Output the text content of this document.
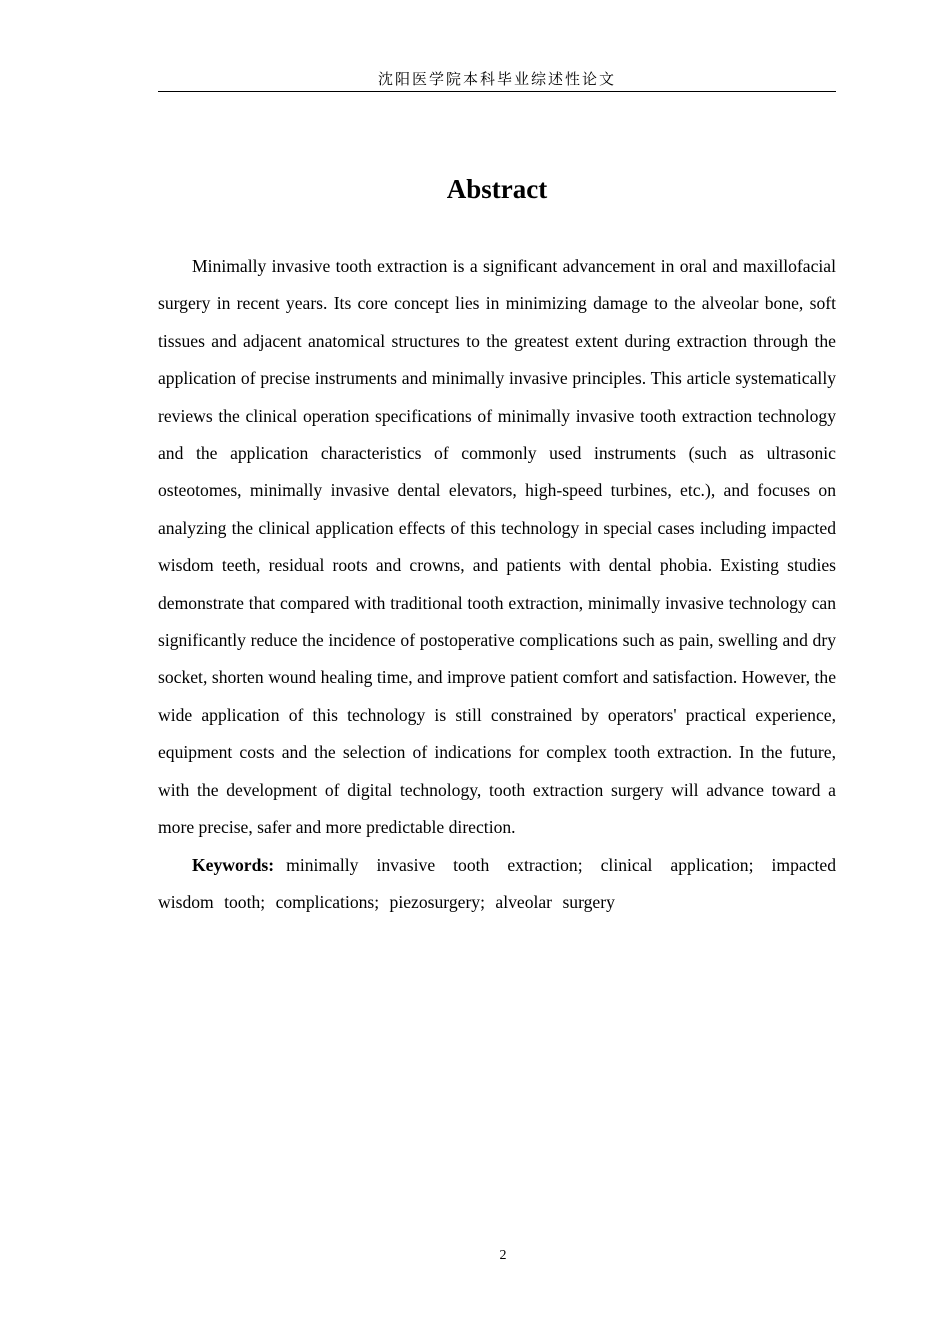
沈阳医学院本科毕业综述性论文
Abstract

Minimally invasive tooth extraction is a significant advancement in oral and maxillofacial surgery in recent years. Its core concept lies in minimizing damage to the alveolar bone, soft tissues and adjacent anatomical structures to the greatest extent during extraction through the application of precise instruments and minimally invasive principles. This article systematically reviews the clinical operation specifications of minimally invasive tooth extraction technology and the application characteristics of commonly used instruments (such as ultrasonic osteotomes, minimally invasive dental elevators, high-speed turbines, etc.), and focuses on analyzing the clinical application effects of this technology in special cases including impacted wisdom teeth, residual roots and crowns, and patients with dental phobia. Existing studies demonstrate that compared with traditional tooth extraction, minimally invasive technology can significantly reduce the incidence of postoperative complications such as pain, swelling and dry socket, shorten wound healing time, and improve patient comfort and satisfaction. However, the wide application of this technology is still constrained by operators' practical experience, equipment costs and the selection of indications for complex tooth extraction. In the future, with the development of digital technology, tooth extraction surgery will advance toward a more precise, safer and more predictable direction.

Keywords: minimally invasive tooth extraction; clinical application; impacted wisdom tooth; complications; piezosurgery; alveolar surgery

2
